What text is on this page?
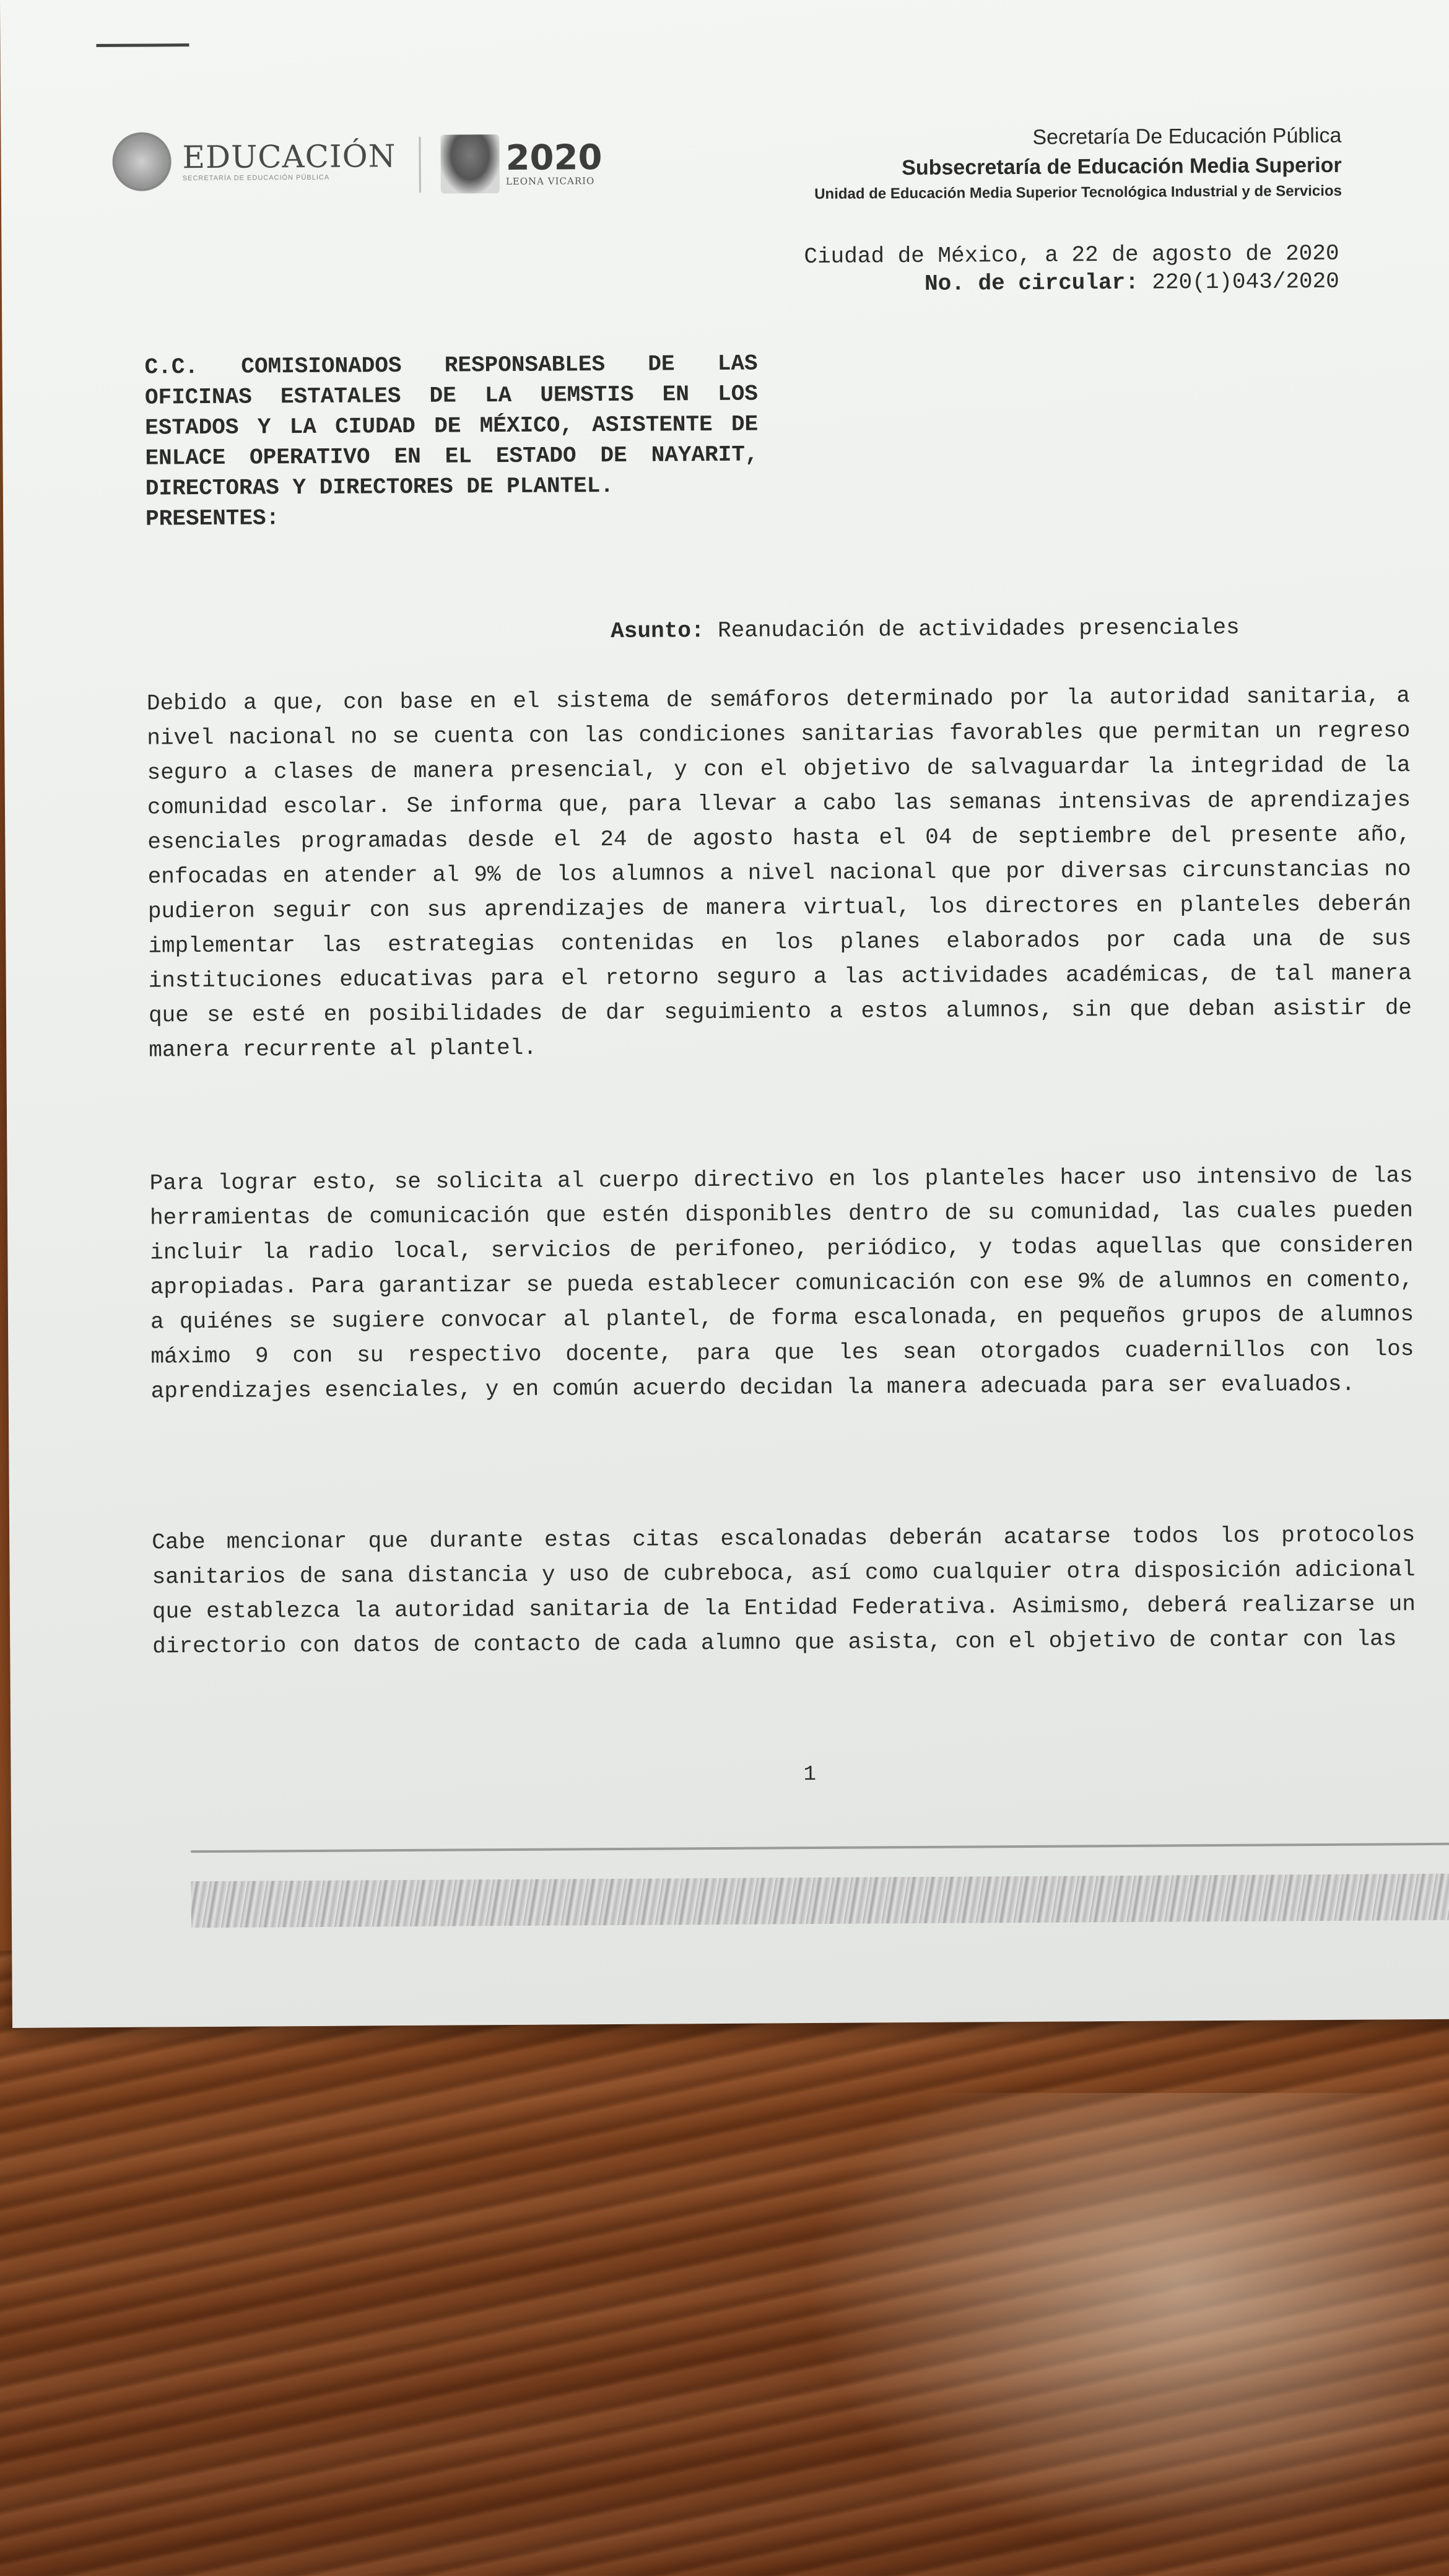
EDUCACIÓN
SECRETARÍA DE EDUCACIÓN PÚBLICA	2020
LEONA VICARIO
Secretaría De Educación Pública
Subsecretaría de Educación Media Superior
Unidad de Educación Media Superior Tecnológica Industrial y de Servicios
Ciudad de México, a 22 de agosto de 2020
No. de circular: 220(1)043/2020
C.C. COMISIONADOS RESPONSABLES DE LAS OFICINAS ESTATALES DE LA UEMSTIS EN LOS ESTADOS Y LA CIUDAD DE MÉXICO, ASISTENTE DE ENLACE OPERATIVO EN EL ESTADO DE NAYARIT, DIRECTORAS Y DIRECTORES DE PLANTEL.
PRESENTES:
Asunto: Reanudación de actividades presenciales
Debido a que, con base en el sistema de semáforos determinado por la autoridad sanitaria, a nivel nacional no se cuenta con las condiciones sanitarias favorables que permitan un regreso seguro a clases de manera presencial, y con el objetivo de salvaguardar la integridad de la comunidad escolar. Se informa que, para llevar a cabo las semanas intensivas de aprendizajes esenciales programadas desde el 24 de agosto hasta el 04 de septiembre del presente año, enfocadas en atender al 9% de los alumnos a nivel nacional que por diversas circunstancias no pudieron seguir con sus aprendizajes de manera virtual, los directores en planteles deberán implementar las estrategias contenidas en los planes elaborados por cada una de sus instituciones educativas para el retorno seguro a las actividades académicas, de tal manera que se esté en posibilidades de dar seguimiento a estos alumnos, sin que deban asistir de manera recurrente al plantel.
Para lograr esto, se solicita al cuerpo directivo en los planteles hacer uso intensivo de las herramientas de comunicación que estén disponibles dentro de su comunidad, las cuales pueden incluir la radio local, servicios de perifoneo, periódico, y todas aquellas que consideren apropiadas. Para garantizar se pueda establecer comunicación con ese 9% de alumnos en comento, a quiénes se sugiere convocar al plantel, de forma escalonada, en pequeños grupos de alumnos máximo 9 con su respectivo docente, para que les sean otorgados cuadernillos con los aprendizajes esenciales, y en común acuerdo decidan la manera adecuada para ser evaluados.
Cabe mencionar que durante estas citas escalonadas deberán acatarse todos los protocolos sanitarios de sana distancia y uso de cubreboca, así como cualquier otra disposición adicional que establezca la autoridad sanitaria de la Entidad Federativa. Asimismo, deberá realizarse un directorio con datos de contacto de cada alumno que asista, con el objetivo de contar con las
1
